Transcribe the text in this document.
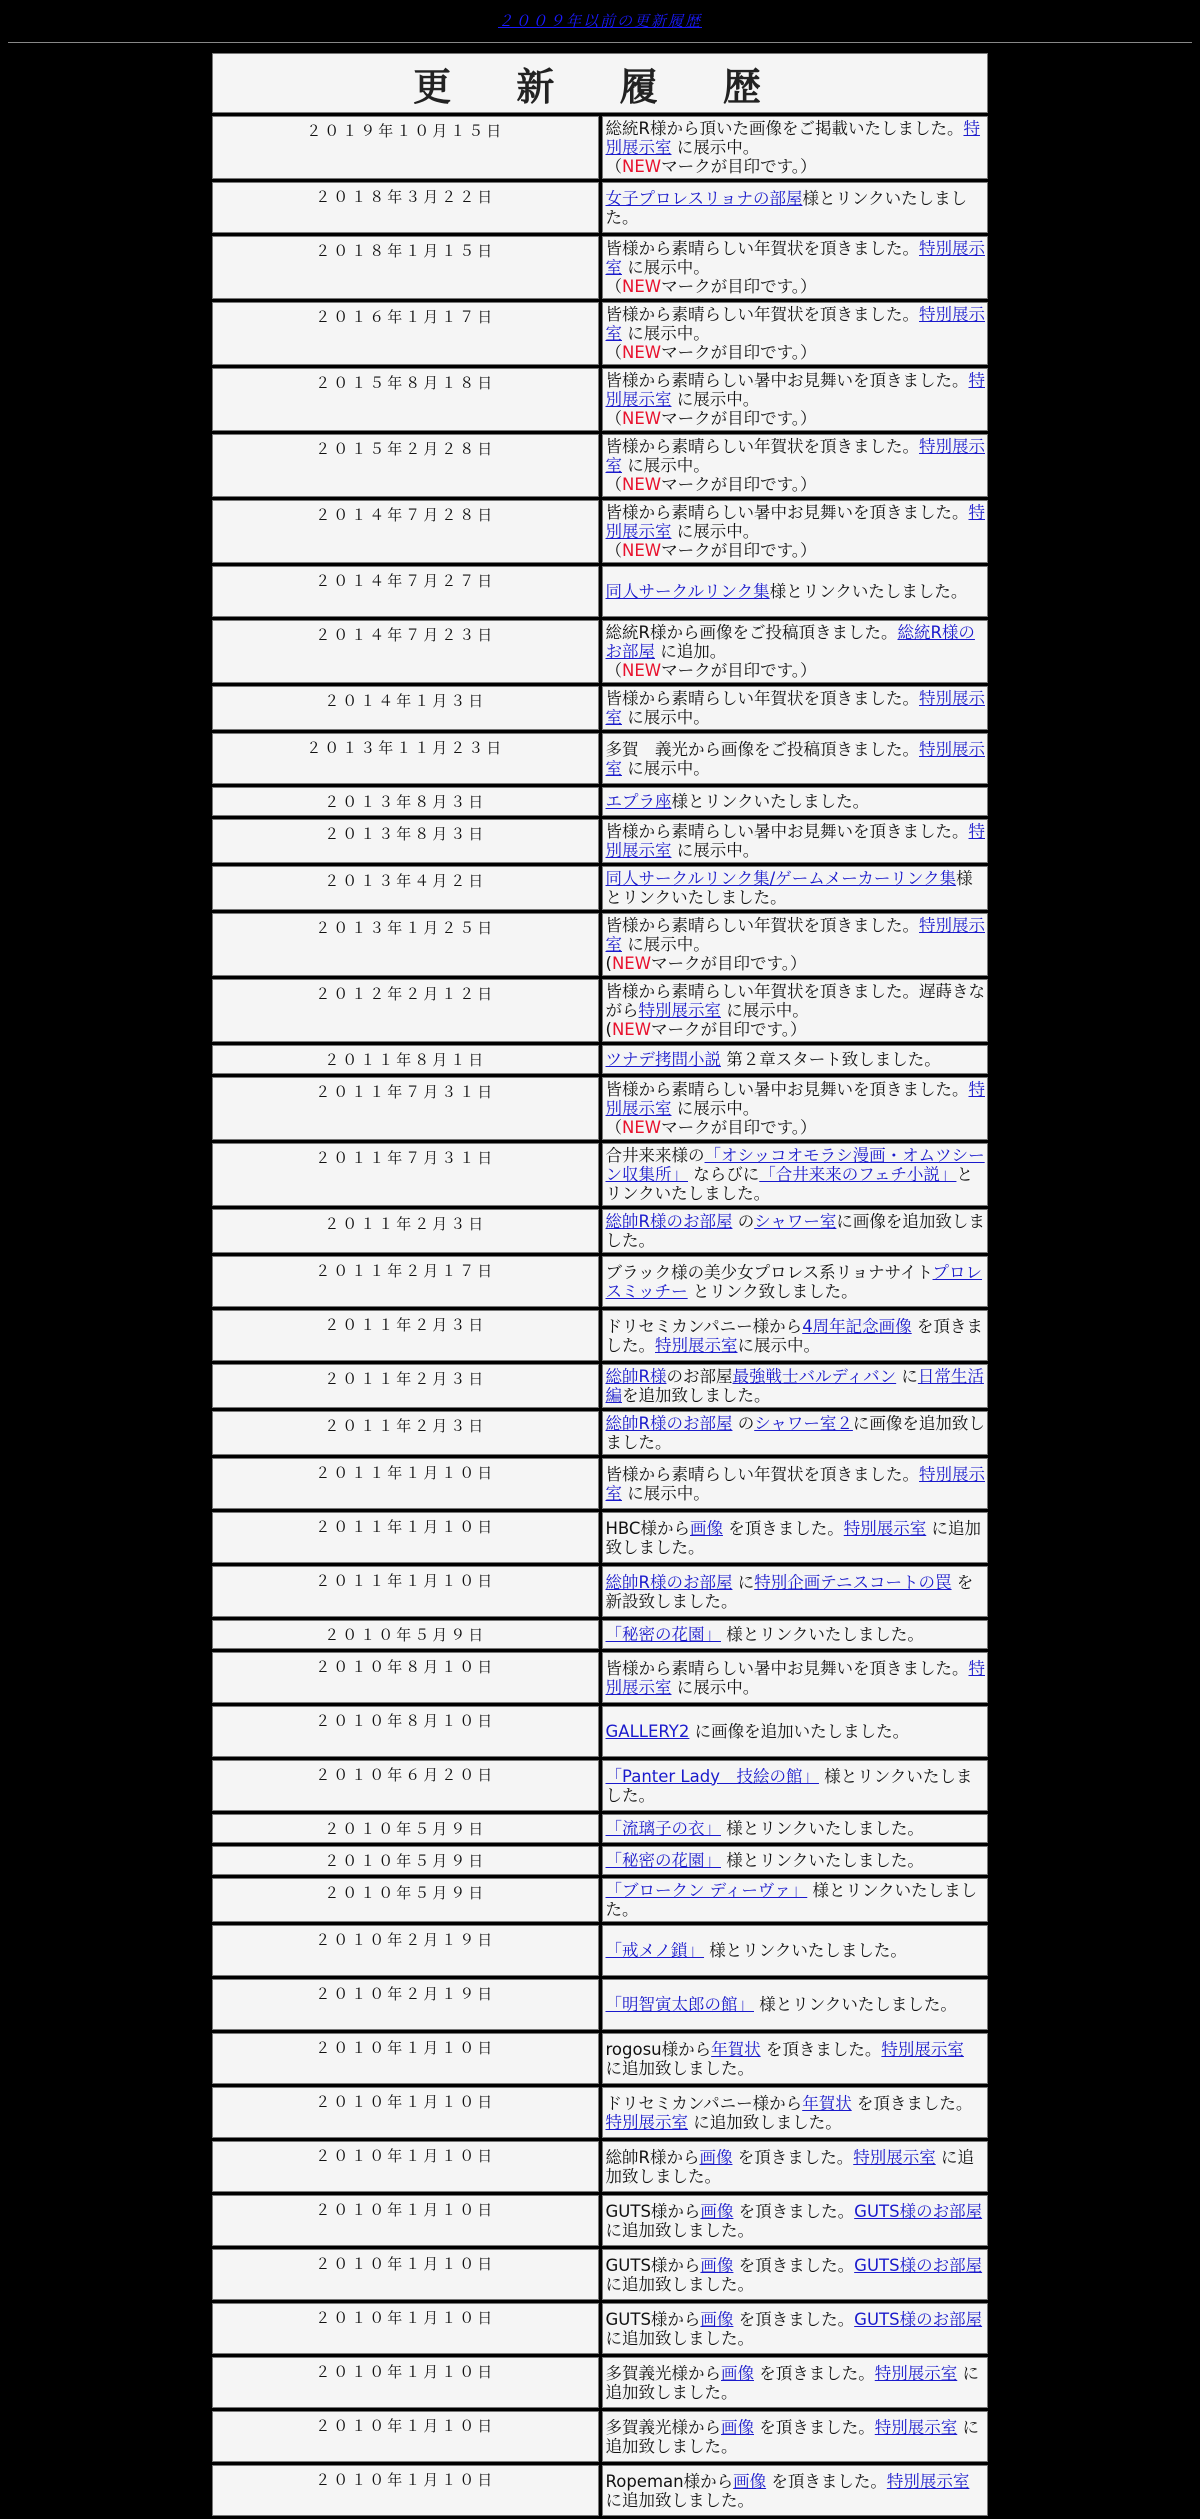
２００９年以前の更新履歴
更 新 履 歴	
２０１９年１０月１５日	総統R様から頂いた画像をご掲載いたしました。特別展示室 に展示中。
（NEWマークが目印です。）

２０１８年３月２２日	女子プロレスリョナの部屋様とリンクいたしました。
２０１８年１月１５日	皆様から素晴らしい年賀状を頂きました。特別展示室 に展示中。
（NEWマークが目印です。）

２０１６年１月１７日	皆様から素晴らしい年賀状を頂きました。特別展示室 に展示中。
（NEWマークが目印です。）

２０１５年８月１８日	皆様から素晴らしい暑中お見舞いを頂きました。特別展示室 に展示中。
（NEWマークが目印です。）

２０１５年２月２８日	皆様から素晴らしい年賀状を頂きました。特別展示室 に展示中。
（NEWマークが目印です。）

２０１４年７月２８日	皆様から素晴らしい暑中お見舞いを頂きました。特別展示室 に展示中。
（NEWマークが目印です。）

２０１４年７月２７日	同人サークルリンク集様とリンクいたしました。
２０１４年７月２３日	総統R様から画像をご投稿頂きました。総統R様のお部屋 に追加。
（NEWマークが目印です。）

２０１４年１月３日	皆様から素晴らしい年賀状を頂きました。特別展示室 に展示中。
２０１３年１１月２３日	多賀　義光から画像をご投稿頂きました。特別展示室 に展示中。
２０１３年８月３日	エプラ座様とリンクいたしました。
２０１３年８月３日	皆様から素晴らしい暑中お見舞いを頂きました。特別展示室 に展示中。
２０１３年４月２日	同人サークルリンク集/ゲームメーカーリンク集様とリンクいたしました。
２０１３年１月２５日	皆様から素晴らしい年賀状を頂きました。特別展示室 に展示中。
(NEWマークが目印です。）

２０１２年２月１２日	皆様から素晴らしい年賀状を頂きました。遅蒔きながら特別展示室 に展示中。
(NEWマークが目印です。）

２０１１年８月１日	ツナデ拷問小説 第２章スタート致しました。
２０１１年７月３１日	皆様から素晴らしい暑中お見舞いを頂きました。特別展示室 に展示中。
（NEWマークが目印です。）

２０１１年７月３１日	合井来来様の「オシッコオモラシ漫画・オムツシーン収集所」 ならびに「合井来来のフェチ小説」とリンクいたしました。
２０１１年２月３日	総帥R様のお部屋 のシャワー室に画像を追加致しました。
２０１１年２月１７日	ブラック様の美少女プロレス系リョナサイトプロレスミッチー とリンク致しました。
２０１１年２月３日	ドリセミカンパニー様から4周年記念画像 を頂きました。特別展示室に展示中。
２０１１年２月３日	総帥R様のお部屋最強戦士バルディバン に日常生活編を追加致しました。
２０１１年２月３日	総帥R様のお部屋 のシャワー室２に画像を追加致しました。
２０１１年１月１０日	皆様から素晴らしい年賀状を頂きました。特別展示室 に展示中。
２０１１年１月１０日	HBC様から画像 を頂きました。特別展示室 に追加致しました。
２０１１年１月１０日	総帥R様のお部屋 に特別企画テニスコートの罠 を新設致しました。
２０１０年５月９日	「秘密の花園」 様とリンクいたしました。
２０１０年８月１０日	皆様から素晴らしい暑中お見舞いを頂きました。特別展示室 に展示中。
２０１０年８月１０日	GALLERY2 に画像を追加いたしました。
２０１０年６月２０日	「Panter Lady　技絵の館」 様とリンクいたしました。
２０１０年５月９日	「流璃子の衣」 様とリンクいたしました。
２０１０年５月９日	「秘密の花園」 様とリンクいたしました。
２０１０年５月９日	「ブロークン ディーヴァ」 様とリンクいたしました。
２０１０年２月１９日	「戒メノ鎖」 様とリンクいたしました。
２０１０年２月１９日	「明智寅太郎の館」 様とリンクいたしました。
２０１０年１月１０日	rogosu様から年賀状 を頂きました。特別展示室 に追加致しました。
２０１０年１月１０日	ドリセミカンパニー様から年賀状 を頂きました。特別展示室 に追加致しました。
２０１０年１月１０日	総帥R様から画像 を頂きました。特別展示室 に追加致しました。
２０１０年１月１０日	GUTS様から画像 を頂きました。GUTS様のお部屋 に追加致しました。
２０１０年１月１０日	GUTS様から画像 を頂きました。GUTS様のお部屋 に追加致しました。
２０１０年１月１０日	GUTS様から画像 を頂きました。GUTS様のお部屋 に追加致しました。
２０１０年１月１０日	多賀義光様から画像 を頂きました。特別展示室 に追加致しました。
２０１０年１月１０日	多賀義光様から画像 を頂きました。特別展示室 に追加致しました。
２０１０年１月１０日	Ropeman様から画像 を頂きました。特別展示室 に追加致しました。
